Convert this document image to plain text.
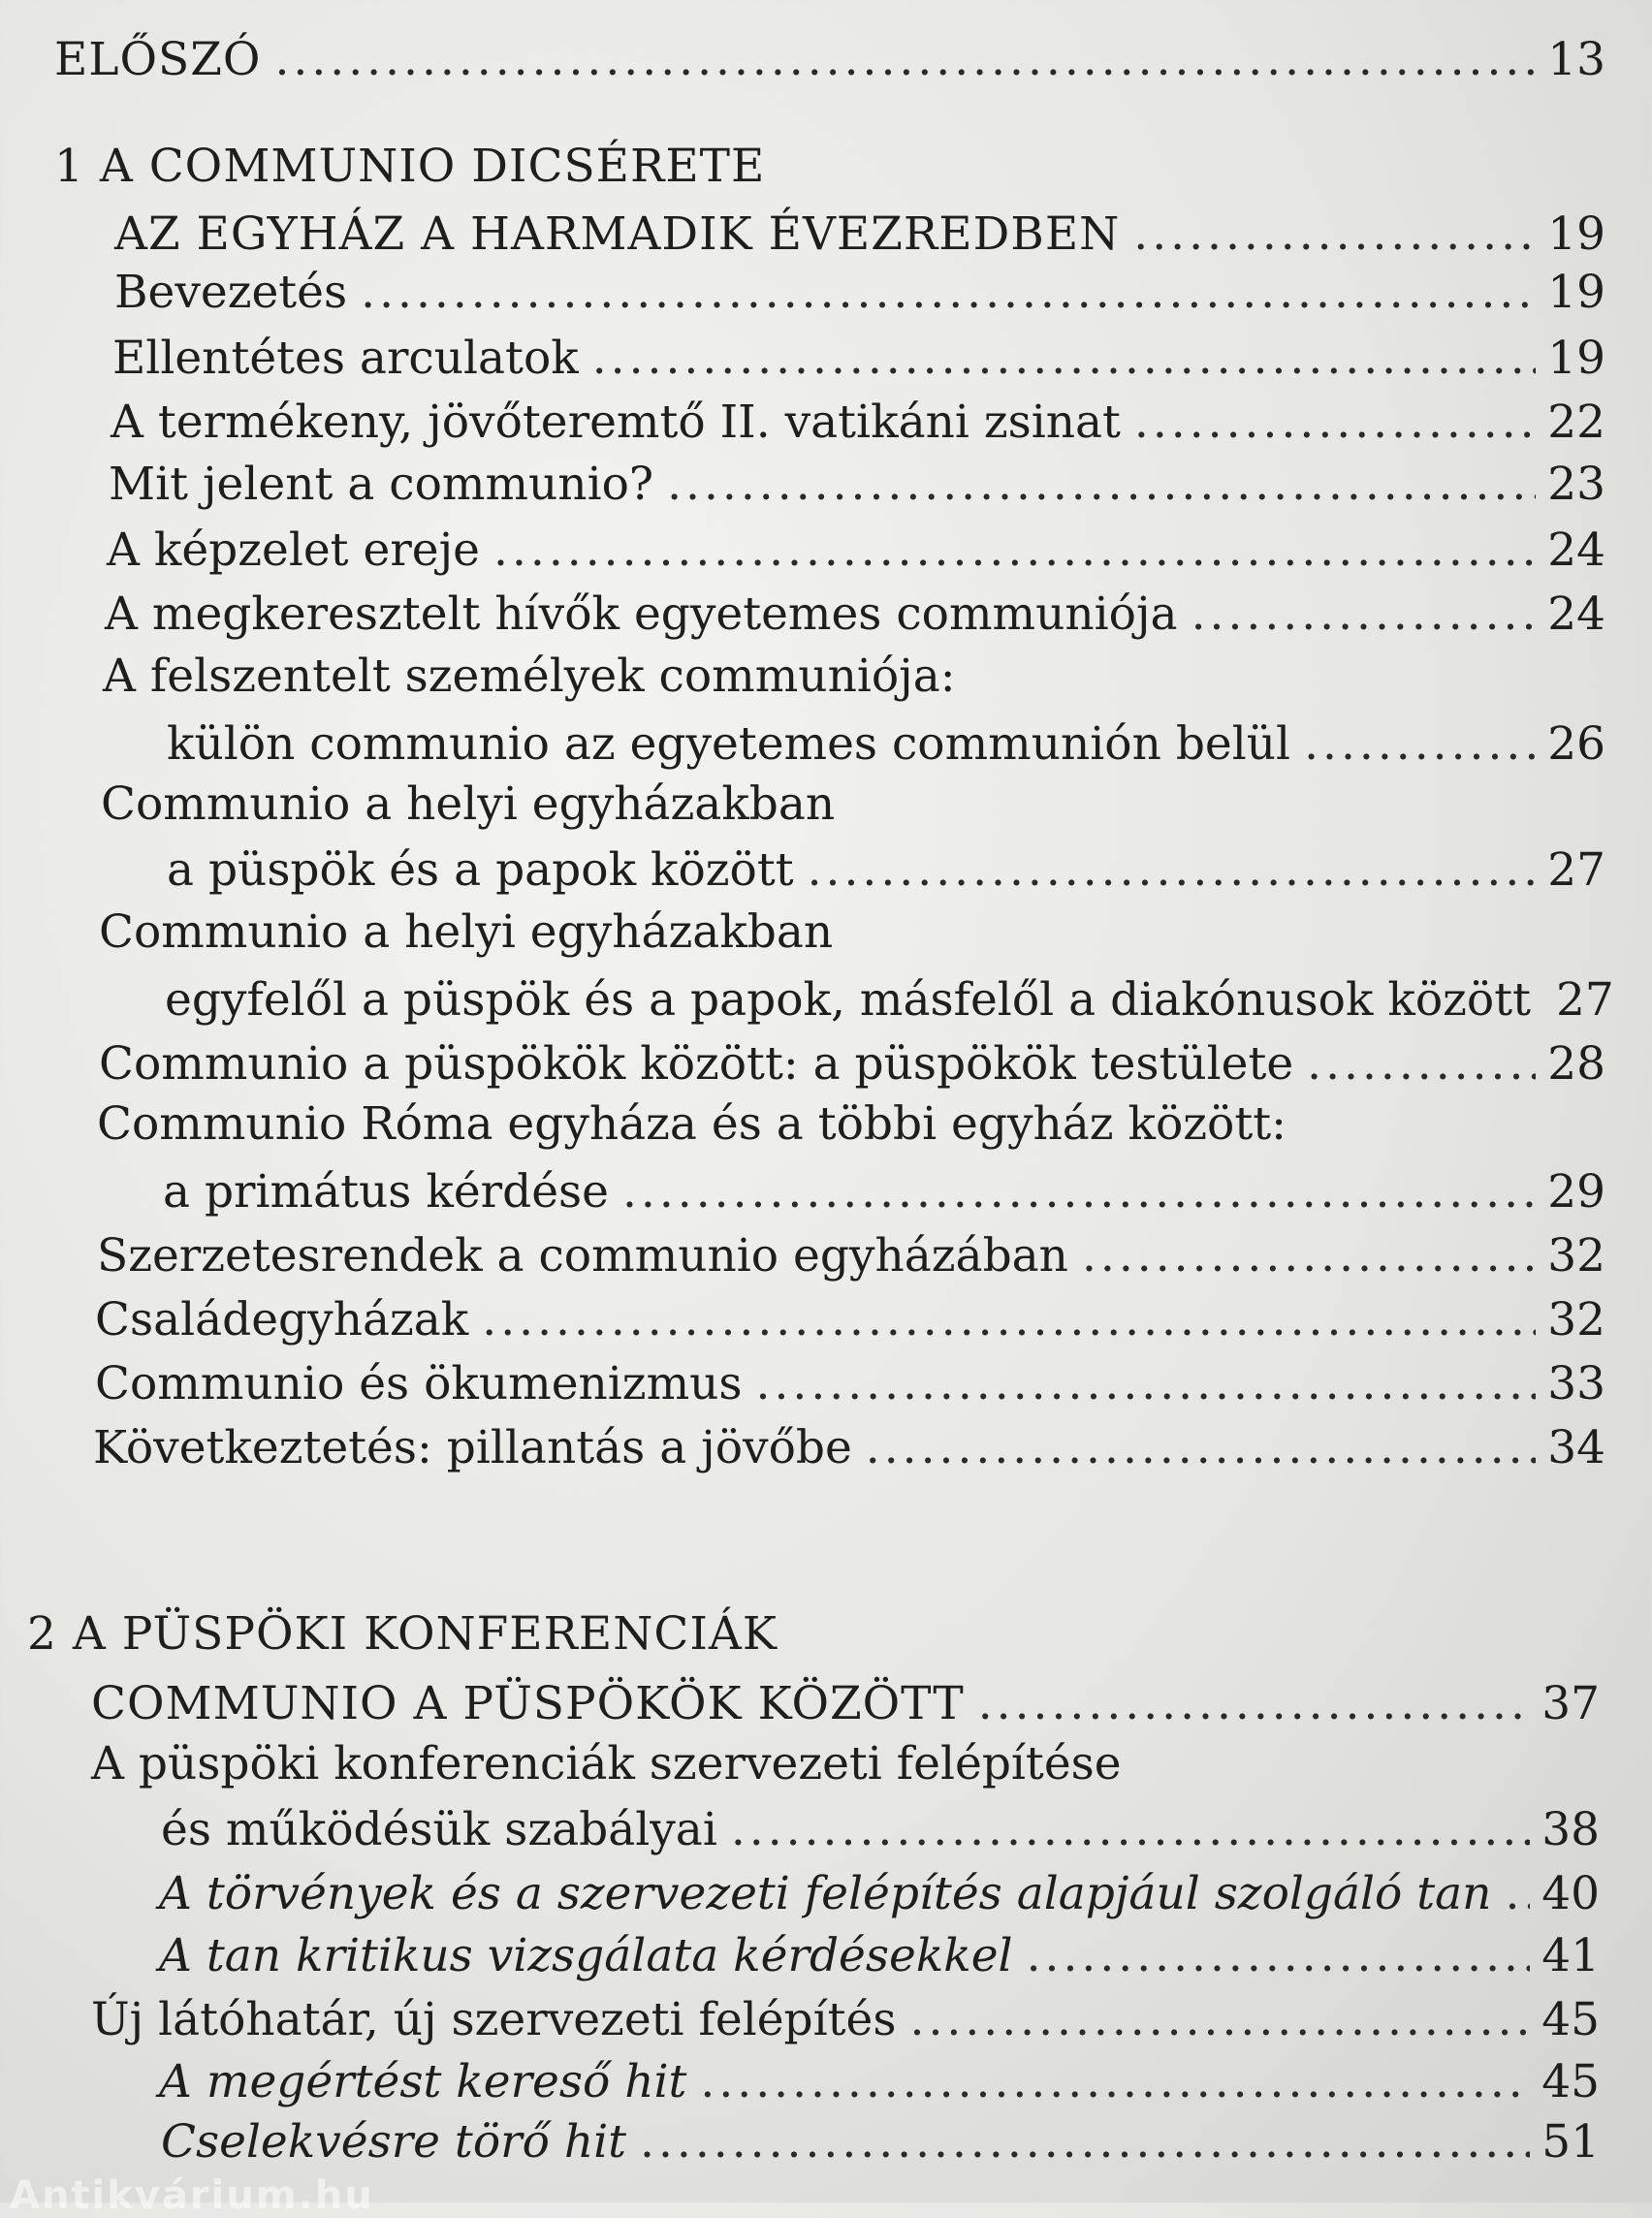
ELŐSZÓ .....	13
1 A COMMUNIO DICSÉRETE
AZ EGYHÁZ A HARMADIK ÉVEZREDBEN .....	19
Bevezetés .....	19
Ellentétes arculatok .....	19
A termékeny, jövőteremtő II. vatikáni zsinat .....	22
Mit jelent a communio? .....	23
A képzelet ereje .....	24
A megkeresztelt hívők egyetemes communiója .....	24
A felszentelt személyek communiója:
külön communio az egyetemes communión belül .....	26
Communio a helyi egyházakban
a püspök és a papok között .....	27
Communio a helyi egyházakban
egyfelől a püspök és a papok, másfelől a diakónusok között 27
Communio a püspökök között: a püspökök testülete .....	28
Communio Róma egyháza és a többi egyház között:
a primátus kérdése .....	29
Szerzetesrendek a communio egyházában .....	32
Családegyházak .....	32
Communio és ökumenizmus .....	33
Következtetés: pillantás a jövőbe .....	34
2 A PÜSPÖKI KONFERENCIÁK
COMMUNIO A PÜSPÖKÖK KÖZÖTT .....	37
A püspöki konferenciák szervezeti felépítése
és működésük szabályai .....	38
A törvények és a szervezeti felépítés alapjául szolgáló tan ..... 40
A tan kritikus vizsgálata kérdésekkel .....	41
Új látóhatár, új szervezeti felépítés .....	45
A megértést kereső hit .....	45
Cselekvésre törő hit .....	51
Antikvárium.hu
